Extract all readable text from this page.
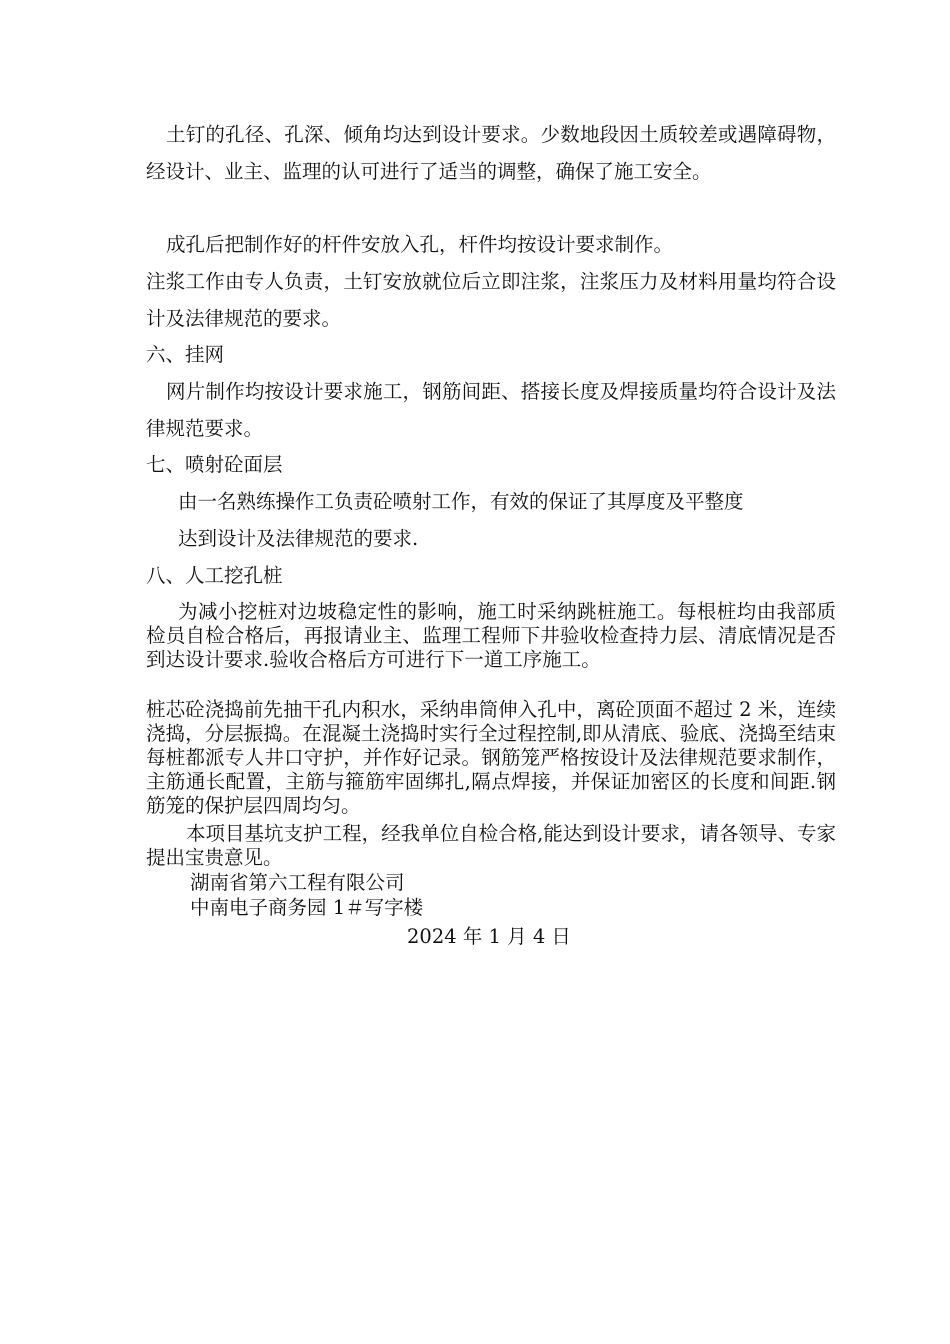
土钉的孔径、孔深、倾角均达到设计要求。少数地段因土质较差或遇障碍物，经设计、业主、监理的认可进行了适当的调整，确保了施工安全。

成孔后把制作好的杆件安放入孔，杆件均按设计要求制作。

注浆工作由专人负责，土钉安放就位后立即注浆，注浆压力及材料用量均符合设计及法律规范的要求。

六、挂网

网片制作均按设计要求施工，钢筋间距、搭接长度及焊接质量均符合设计及法律规范要求。

七、喷射砼面层

由一名熟练操作工负责砼喷射工作，有效的保证了其厚度及平整度

达到设计及法律规范的要求.

八、人工挖孔桩

为减小挖桩对边坡稳定性的影响，施工时采纳跳桩施工。每根桩均由我部质检员自检合格后，再报请业主、监理工程师下井验收检查持力层、清底情况是否到达设计要求.验收合格后方可进行下一道工序施工。

桩芯砼浇捣前先抽干孔内积水，采纳串筒伸入孔中，离砼顶面不超过 2 米，连续浇捣，分层振捣。在混凝土浇捣时实行全过程控制,即从清底、验底、浇捣至结束每桩都派专人井口守护，并作好记录。钢筋笼严格按设计及法律规范要求制作，主筋通长配置，主筋与箍筋牢固绑扎,隔点焊接，并保证加密区的长度和间距.钢筋笼的保护层四周均匀。

本项目基坑支护工程，经我单位自检合格,能达到设计要求，请各领导、专家提出宝贵意见。

湖南省第六工程有限公司

中南电子商务园 1＃写字楼

2024 年 1 月 4 日
